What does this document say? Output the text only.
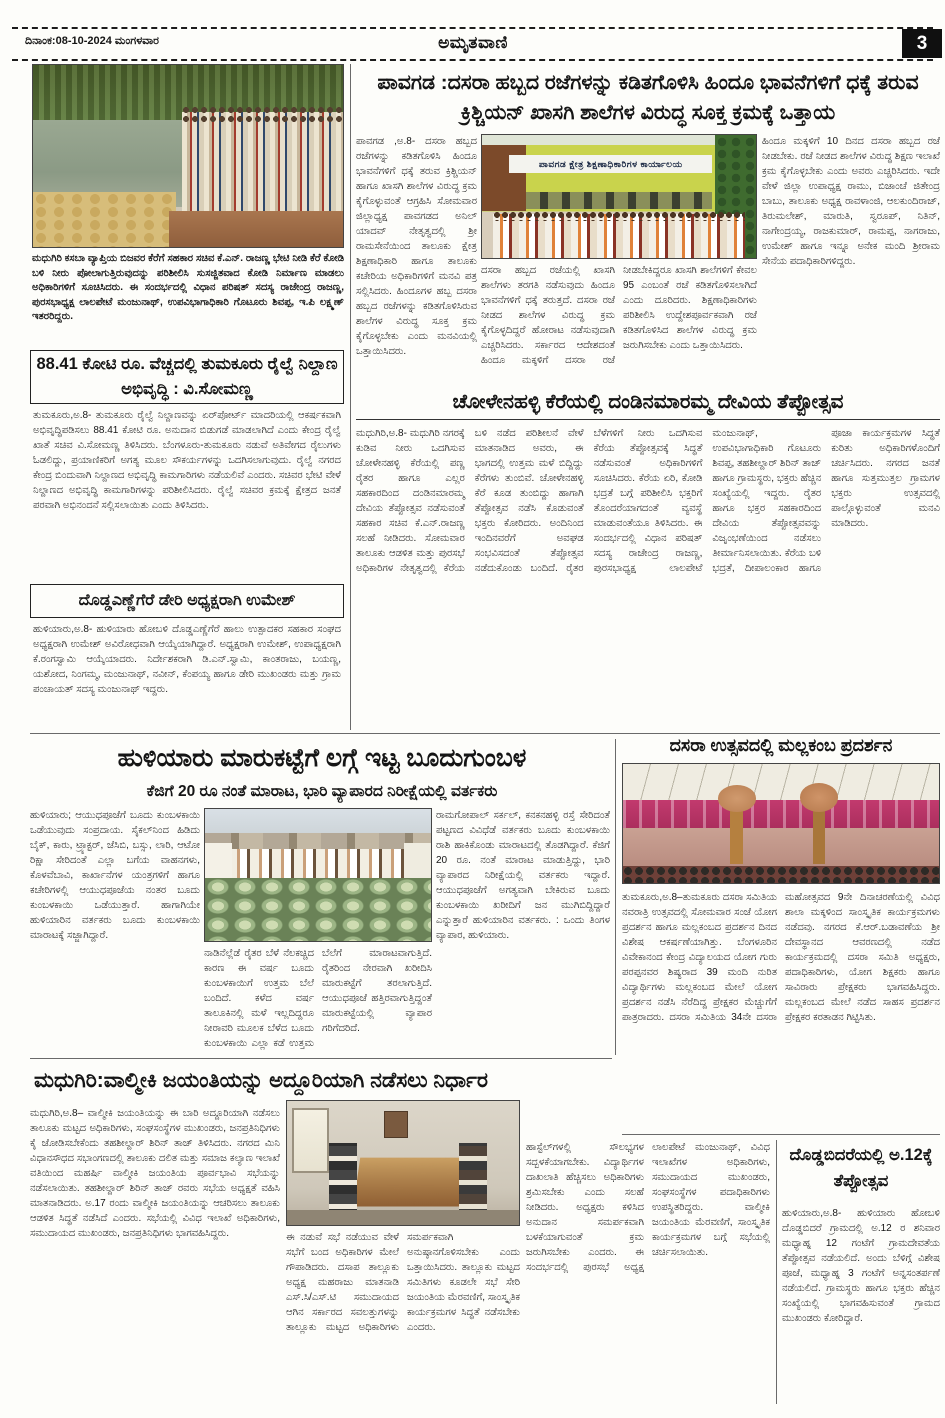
ದಿನಾಂಕ:08-10-2024 ಮಂಗಳವಾರ	ಅಮೃತವಾಣಿ	3
ಮಧುಗಿರಿ ಕಸಬಾ ವ್ಯಾಪ್ತಿಯ ಬಿಜವರ ಕೆರೆಗೆ ಸಹಕಾರ ಸಚಿವ ಕೆ.ಎನ್. ರಾಜಣ್ಣ ಭೇಟಿ ನೀಡಿ ಕೆರೆ ಕೋಡಿ ಬಳಿ ನೀರು ಪೋಲಾಗುತ್ತಿರುವುದನ್ನು ಪರಿಶೀಲಿಸಿ ಸುಸಜ್ಜಿತವಾದ ಕೋಡಿ ನಿರ್ಮಾಣ ಮಾಡಲು ಅಧಿಕಾರಿಗಳಿಗೆ ಸೂಚಿಸಿದರು. ಈ ಸಂದರ್ಭದಲ್ಲಿ ವಿಧಾನ ಪರಿಷತ್ ಸದಸ್ಯ ರಾಜೇಂದ್ರ ರಾಜಣ್ಣ, ಪುರಸಭಾಧ್ಯಕ್ಷ ಲಾಲಪೇಟೆ ಮಂಜುನಾಥ್, ಉಪವಿಭಾಗಾಧಿಕಾರಿ ಗೊಟೂರು ಶಿವಪ್ಪ, ಇ.ಪಿ ಲಕ್ಷ್ಮಣ್ ಇತರರಿದ್ದರು.
88.41 ಕೋಟಿ ರೂ. ವೆಚ್ಚದಲ್ಲಿ ತುಮಕೂರು ರೈಲ್ವೆ ನಿಲ್ದಾಣ ಅಭಿವೃದ್ಧಿ : ವಿ.ಸೋಮಣ್ಣ
ತುಮಕೂರು,ಅ.8- ತುಮಕೂರು ರೈಲ್ವೆ ನಿಲ್ದಾಣವನ್ನು ಏರ್‌ಪೋರ್ಟ್ ಮಾದರಿಯಲ್ಲಿ ಆಕರ್ಷಕವಾಗಿ ಅಭಿವೃದ್ಧಿಪಡಿಸಲು 88.41 ಕೋಟಿ ರೂ. ಅನುದಾನ ಬಿಡುಗಡೆ ಮಾಡಲಾಗಿದೆ ಎಂದು ಕೇಂದ್ರ ರೈಲ್ವೆ ಖಾತೆ ಸಚಿವ ವಿ.ಸೋಮಣ್ಣ ತಿಳಿಸಿದರು. ಬೆಂಗಳೂರು-ತುಮಕೂರು ನಡುವೆ ಅತಿವೇಗದ ರೈಲುಗಳು ಓಡಲಿದ್ದು, ಪ್ರಯಾಣಿಕರಿಗೆ ಅಗತ್ಯ ಮೂಲ ಸೌಕರ್ಯಗಳನ್ನು ಒದಗಿಸಲಾಗುವುದು. ರೈಲ್ವೆ ನಗರದ ಕೇಂದ್ರ ಬಿಂದುವಾಗಿ ನಿಲ್ದಾಣದ ಅಭಿವೃದ್ಧಿ ಕಾಮಗಾರಿಗಳು ನಡೆಯಲಿವೆ ಎಂದರು. ಸಚಿವರ ಭೇಟಿ ವೇಳೆ ನಿಲ್ದಾಣದ ಅಭಿವೃದ್ಧಿ ಕಾಮಗಾರಿಗಳನ್ನು ಪರಿಶೀಲಿಸಿದರು. ರೈಲ್ವೆ ಸಚಿವರ ಕ್ರಮಕ್ಕೆ ಕ್ಷೇತ್ರದ ಜನತೆ ಪರವಾಗಿ ಅಭಿನಂದನೆ ಸಲ್ಲಿಸಲಾಯಿತು ಎಂದು ತಿಳಿಸಿದರು.
ದೊಡ್ಡಎಣ್ಣೆಗೆರೆ ಡೇರಿ ಅಧ್ಯಕ್ಷರಾಗಿ ಉಮೇಶ್
ಹುಳಿಯಾರು,ಅ.8- ಹುಳಿಯಾರು ಹೋಬಳಿ ದೊಡ್ಡಎಣ್ಣೆಗೆರೆ ಹಾಲು ಉತ್ಪಾದಕರ ಸಹಕಾರ ಸಂಘದ ಅಧ್ಯಕ್ಷರಾಗಿ ಉಮೇಶ್ ಅವಿರೋಧವಾಗಿ ಆಯ್ಕೆಯಾಗಿದ್ದಾರೆ. ಅಧ್ಯಕ್ಷರಾಗಿ ಉಮೇಶ್, ಉಪಾಧ್ಯಕ್ಷರಾಗಿ ಕೆ.ರಂಗಸ್ವಾಮಿ ಆಯ್ಕೆಯಾದರು. ನಿರ್ದೇಶಕರಾಗಿ ಡಿ.ಎನ್.ಸ್ವಾಮಿ, ಕಾಂತರಾಜು, ಬಯಣ್ಣ, ಯಶೋದ, ನಿಂಗಮ್ಮ, ಮಂಜುನಾಥ್, ನವೀನ್, ಕೆಂಪಯ್ಯ ಹಾಗೂ ಡೇರಿ ಮುಖಂಡರು ಮತ್ತು ಗ್ರಾಮ ಪಂಚಾಯತ್ ಸದಸ್ಯ ಮಂಜುನಾಥ್ ಇದ್ದರು.
ಪಾವಗಡ :ದಸರಾ ಹಬ್ಬದ ರಜೆಗಳನ್ನು ಕಡಿತಗೊಳಿಸಿ ಹಿಂದೂ ಭಾವನೆಗಳಿಗೆ ಧಕ್ಕೆ ತರುವ ಕ್ರಿಶ್ಚಿಯನ್ ಖಾಸಗಿ ಶಾಲೆಗಳ ವಿರುದ್ಧ ಸೂಕ್ತ ಕ್ರಮಕ್ಕೆ ಒತ್ತಾಯ
ಪಾವಗಡ ,ಅ.8- ದಸರಾ ಹಬ್ಬದ ರಜೆಗಳನ್ನು ಕಡಿತಗೊಳಿಸಿ ಹಿಂದೂ ಭಾವನೆಗಳಿಗೆ ಧಕ್ಕೆ ತರುವ ಕ್ರಿಶ್ಚಿಯನ್ ಹಾಗೂ ಖಾಸಗಿ ಶಾಲೆಗಳ ವಿರುದ್ಧ ಕ್ರಮ ಕೈಗೊಳ್ಳುವಂತೆ ಆಗ್ರಹಿಸಿ ಸೋಮವಾರ ಜಿಲ್ಲಾಧ್ಯಕ್ಷ ಪಾವಗಡದ ಅನಿಲ್ ಯಾದವ್ ನೇತೃತ್ವದಲ್ಲಿ ಶ್ರೀ ರಾಮಸೇನೆಯಿಂದ ತಾಲೂಕು ಕ್ಷೇತ್ರ ಶಿಕ್ಷಣಾಧಿಕಾರಿ ಹಾಗೂ ತಾಲೂಕು ಕಚೇರಿಯ ಅಧಿಕಾರಿಗಳಿಗೆ ಮನವಿ ಪತ್ರ ಸಲ್ಲಿಸಿದರು. ಹಿಂದೂಗಳ ಹಬ್ಬ ದಸರಾ ಹಬ್ಬದ ರಜೆಗಳನ್ನು ಕಡಿತಗೊಳಿಸಿರುವ ಶಾಲೆಗಳ ವಿರುದ್ಧ ಸೂಕ್ತ ಕ್ರಮ ಕೈಗೊಳ್ಳಬೇಕು ಎಂದು ಮನವಿಯಲ್ಲಿ ಒತ್ತಾಯಿಸಿದರು.
ಪಾವಗಡ ಕ್ಷೇತ್ರ ಶಿಕ್ಷಣಾಧಿಕಾರಿಗಳ ಕಾರ್ಯಾಲಯ
ದಸರಾ ಹಬ್ಬದ ರಜೆಯಲ್ಲಿ ಖಾಸಗಿ ಶಾಲೆಗಳು ತರಗತಿ ನಡೆಸುವುದು ಹಿಂದೂ ಭಾವನೆಗಳಿಗೆ ಧಕ್ಕೆ ತರುತ್ತದೆ. ದಸರಾ ರಜೆ ನೀಡದ ಶಾಲೆಗಳ ವಿರುದ್ಧ ಕ್ರಮ ಕೈಗೊಳ್ಳದಿದ್ದರೆ ಹೋರಾಟ ನಡೆಸುವುದಾಗಿ ಎಚ್ಚರಿಸಿದರು. ಸರ್ಕಾರದ ಆದೇಶದಂತೆ ಹಿಂದೂ ಮಕ್ಕಳಿಗೆ ದಸರಾ ರಜೆ ನೀಡಬೇಕಿದ್ದರೂ ಖಾಸಗಿ ಶಾಲೆಗಳಿಗೆ ಕೇವಲ 95 ಎಂಬಂತೆ ರಜೆ ಕಡಿತಗೊಳಿಸಲಾಗಿದೆ ಎಂದು ದೂರಿದರು. ಶಿಕ್ಷಣಾಧಿಕಾರಿಗಳು ಪರಿಶೀಲಿಸಿ ಉದ್ದೇಶಪೂರ್ವಕವಾಗಿ ರಜೆ ಕಡಿತಗೊಳಿಸಿದ ಶಾಲೆಗಳ ವಿರುದ್ಧ ಕ್ರಮ ಜರುಗಿಸಬೇಕು ಎಂದು ಒತ್ತಾಯಿಸಿದರು.
ಹಿಂದೂ ಮಕ್ಕಳಿಗೆ 10 ದಿನದ ದಸರಾ ಹಬ್ಬದ ರಜೆ ನೀಡಬೇಕು. ರಜೆ ನೀಡದ ಶಾಲೆಗಳ ವಿರುದ್ಧ ಶಿಕ್ಷಣ ಇಲಾಖೆ ಕ್ರಮ ಕೈಗೊಳ್ಳಬೇಕು ಎಂದು ಅವರು ಎಚ್ಚರಿಸಿದರು. ಇದೇ ವೇಳೆ ಜಿಲ್ಲಾ ಉಪಾಧ್ಯಕ್ಷ ರಾಮು, ಬಿಜಾಂಚೆ ಜಿತೇಂದ್ರ ಬಾಬು, ತಾಲೂಕು ಅಧ್ಯಕ್ಷ ರಾವಳಾಂಜಿ, ಆಲಕುಂದಿರಾಜ್, ತಿರುಮಲೇಶ್, ಮಾರುತಿ, ಸ್ವರೂಪ್, ನಿತಿನ್, ನಾಗೇಂದ್ರಯ್ಯ, ರಾಜಕುಮಾರ್, ರಾಮಪ್ಪ, ನಾಗರಾಜು, ಉಮೇಶ್ ಹಾಗೂ ಇನ್ನೂ ಅನೇಕ ಮಂದಿ ಶ್ರೀರಾಮ ಸೇನೆಯ ಪದಾಧಿಕಾರಿಗಳಿದ್ದರು.
ಚೋಳೇನಹಳ್ಳಿ ಕೆರೆಯಲ್ಲಿ ದಂಡಿನಮಾರಮ್ಮ ದೇವಿಯ ತೆಪ್ಪೋತ್ಸವ
ಮಧುಗಿರಿ,ಅ.8- ಮಧುಗಿರಿ ನಗರಕ್ಕೆ ಕುಡಿವ ನೀರು ಒದಗಿಸುವ ಚೋಳೇನಹಳ್ಳಿ ಕೆರೆಯಲ್ಲಿ ಪಣ್ಣ ರೈತರ ಹಾಗೂ ಎಲ್ಲರ ಸಹಕಾರದಿಂದ ದಂಡಿನಮಾರಮ್ಮ ದೇವಿಯ ತೆಪ್ಪೋತ್ಸವ ನಡೆಸುವಂತೆ ಸಹಕಾರ ಸಚಿವ ಕೆ.ಎನ್.ರಾಜಣ್ಣ ಸಲಹೆ ನೀಡಿದರು. ಸೋಮವಾರ ತಾಲೂಕು ಆಡಳಿತ ಮತ್ತು ಪುರಸಭೆ ಅಧಿಕಾರಿಗಳ ನೇತೃತ್ವದಲ್ಲಿ ಕೆರೆಯ ಬಳಿ ನಡೆದ ಪರಿಶೀಲನೆ ವೇಳೆ ಮಾತನಾಡಿದ ಅವರು, ಈ ಭಾಗದಲ್ಲಿ ಉತ್ತಮ ಮಳೆ ಬಿದ್ದಿದ್ದು ಕೆರೆಗಳು ತುಂಬಿವೆ. ಚೋಳೇನಹಳ್ಳಿ ಕೆರೆ ಕೂಡ ತುಂಬಿದ್ದು ಹಾಗಾಗಿ ತೆಪ್ಪೋತ್ಸವ ನಡೆಸಿ ಕೊಡುವಂತೆ ಭಕ್ತರು ಕೋರಿದರು. ಅಂದಿನಿಂದ ಇಂದಿನವರೆಗೆ ಅವಘಡ ಸಂಭವಿಸದಂತೆ ತೆಪ್ಪೋತ್ಸವ ನಡೆದುಕೊಂಡು ಬಂದಿದೆ. ರೈತರ ಬೆಳೆಗಳಿಗೆ ನೀರು ಒದಗಿಸುವ ಕೆರೆಯ ತೆಪ್ಪೋತ್ಸವಕ್ಕೆ ಸಿದ್ಧತೆ ನಡೆಸುವಂತೆ ಅಧಿಕಾರಿಗಳಿಗೆ ಸೂಚಿಸಿದರು. ಕೆರೆಯ ಏರಿ, ಕೋಡಿ ಭದ್ರತೆ ಬಗ್ಗೆ ಪರಿಶೀಲಿಸಿ ಭಕ್ತರಿಗೆ ತೊಂದರೆಯಾಗದಂತೆ ವ್ಯವಸ್ಥೆ ಮಾಡುವಂತೆಯೂ ತಿಳಿಸಿದರು. ಈ ಸಂದರ್ಭದಲ್ಲಿ ವಿಧಾನ ಪರಿಷತ್ ಸದಸ್ಯ ರಾಜೇಂದ್ರ ರಾಜಣ್ಣ, ಪುರಸಭಾಧ್ಯಕ್ಷ ಲಾಲಪೇಟೆ ಮಂಜುನಾಥ್, ಉಪವಿಭಾಗಾಧಿಕಾರಿ ಗೊಟೂರು ಶಿವಪ್ಪ, ತಹಶೀಲ್ದಾರ್ ಶಿರಿನ್ ತಾಜ್ ಹಾಗೂ ಗ್ರಾಮಸ್ಥರು, ಭಕ್ತರು ಹೆಚ್ಚಿನ ಸಂಖ್ಯೆಯಲ್ಲಿ ಇದ್ದರು. ರೈತರ ಹಾಗೂ ಭಕ್ತರ ಸಹಕಾರದಿಂದ ದೇವಿಯ ತೆಪ್ಪೋತ್ಸವವನ್ನು ವಿಜೃಂಭಣೆಯಿಂದ ನಡೆಸಲು ತೀರ್ಮಾನಿಸಲಾಯಿತು. ಕೆರೆಯ ಬಳಿ ಭದ್ರತೆ, ದೀಪಾಲಂಕಾರ ಹಾಗೂ ಪೂಜಾ ಕಾರ್ಯಕ್ರಮಗಳ ಸಿದ್ಧತೆ ಕುರಿತು ಅಧಿಕಾರಿಗಳೊಂದಿಗೆ ಚರ್ಚಿಸಿದರು. ನಗರದ ಜನತೆ ಹಾಗೂ ಸುತ್ತಮುತ್ತಲ ಗ್ರಾಮಗಳ ಭಕ್ತರು ಉತ್ಸವದಲ್ಲಿ ಪಾಲ್ಗೊಳ್ಳುವಂತೆ ಮನವಿ ಮಾಡಿದರು.
ಹುಳಿಯಾರು ಮಾರುಕಟ್ಟೆಗೆ ಲಗ್ಗೆ ಇಟ್ಟ ಬೂದುಗುಂಬಳ
ಕೆಜಿಗೆ 20 ರೂ ನಂತೆ ಮಾರಾಟ, ಭಾರಿ ವ್ಯಾಪಾರದ ನಿರೀಕ್ಷೆಯಲ್ಲಿ ವರ್ತಕರು
ಹುಳಿಯಾರು; ಆಯುಧಪೂಜೆಗೆ ಬೂದು ಕುಂಬಳಕಾಯಿ ಒಡೆಯುವುದು ಸಂಪ್ರದಾಯ. ಸೈಕಲ್‌ನಿಂದ ಹಿಡಿದು ಬೈಕ್, ಕಾರು, ಟ್ರ್ಯಾಕ್ಟರ್, ಜೆಸಿಬಿ, ಬಸ್ಸು, ಲಾರಿ, ಆಟೋ ರಿಕ್ಷಾ ಸೇರಿದಂತೆ ಎಲ್ಲಾ ಬಗೆಯ ವಾಹನಗಳು, ಕೊಳವೆಬಾವಿ, ಕಾರ್ಖಾನೆಗಳ ಯಂತ್ರಗಳಿಗೆ ಹಾಗೂ ಕಚೇರಿಗಳಲ್ಲಿ ಆಯುಧಪೂಜೆಯ ನಂತರ ಬೂದು ಕುಂಬಳಕಾಯಿ ಒಡೆಯುತ್ತಾರೆ. ಹಾಗಾಗಿಯೇ ಹುಳಿಯಾರಿನ ವರ್ತಕರು ಬೂದು ಕುಂಬಳಕಾಯಿ ಮಾರಾಟಕ್ಕೆ ಸಜ್ಜಾಗಿದ್ದಾರೆ.
ನಾಡಿನೆಲ್ಲೆಡೆ ರೈತರ ಬೆಳೆ ನೆಲಕಚ್ಚಿದ ಕಾರಣ ಈ ವರ್ಷ ಬೂದು ಕುಂಬಳಕಾಯಿಗೆ ಉತ್ತಮ ಬೆಲೆ ಬಂದಿದೆ. ಕಳೆದ ವರ್ಷ ತಾಲೂಕಿನಲ್ಲಿ ಮಳೆ ಇಲ್ಲದಿದ್ದರೂ ನೀರಾವರಿ ಮೂಲಕ ಬೆಳೆದ ಬೂದು ಕುಂಬಳಕಾಯಿ ಎಲ್ಲಾ ಕಡೆ ಉತ್ತಮ ಬೆಲೆಗೆ ಮಾರಾಟವಾಗುತ್ತಿದೆ. ರೈತರಿಂದ ನೇರವಾಗಿ ಖರೀದಿಸಿ ಮಾರುಕಟ್ಟೆಗೆ ತರಲಾಗುತ್ತಿದೆ. ಆಯುಧಪೂಜೆ ಹತ್ತಿರವಾಗುತ್ತಿದ್ದಂತೆ ಮಾರುಕಟ್ಟೆಯಲ್ಲಿ ವ್ಯಾಪಾರ ಗರಿಗೆದರಿದೆ.
ರಾಮಗೋಪಾಲ್ ಸರ್ಕಲ್, ಕನಕನಹಳ್ಳಿ ರಸ್ತೆ ಸೇರಿದಂತೆ ಪಟ್ಟಣದ ವಿವಿಧೆಡೆ ವರ್ತಕರು ಬೂದು ಕುಂಬಳಕಾಯಿ ರಾಶಿ ಹಾಕಿಕೊಂಡು ಮಾರಾಟದಲ್ಲಿ ತೊಡಗಿದ್ದಾರೆ. ಕೆಜಿಗೆ 20 ರೂ. ನಂತೆ ಮಾರಾಟ ಮಾಡುತ್ತಿದ್ದು, ಭಾರಿ ವ್ಯಾಪಾರದ ನಿರೀಕ್ಷೆಯಲ್ಲಿ ವರ್ತಕರು ಇದ್ದಾರೆ. ಆಯುಧಪೂಜೆಗೆ ಅಗತ್ಯವಾಗಿ ಬೇಕಿರುವ ಬೂದು ಕುಂಬಳಕಾಯಿ ಖರೀದಿಗೆ ಜನ ಮುಗಿಬಿದ್ದಿದ್ದಾರೆ ಎನ್ನುತ್ತಾರೆ ಹುಳಿಯಾರಿನ ವರ್ತಕರು. : ಒಂದು ತಿಂಗಳ ವ್ಯಾಪಾರ, ಹುಳಿಯಾರು.
ದಸರಾ ಉತ್ಸವದಲ್ಲಿ ಮಲ್ಲಕಂಬ ಪ್ರದರ್ಶನ
ತುಮಕೂರು,ಅ.8–ತುಮಕೂರು ದಸರಾ ಸಮಿತಿಯ ನವರಾತ್ರಿ ಉತ್ಸವದಲ್ಲಿ ಸೋಮವಾರ ಸಂಜೆ ಯೋಗ ಪ್ರದರ್ಶನ ಹಾಗೂ ಮಲ್ಲಕಂಬದ ಪ್ರದರ್ಶನ ದಿನದ ವಿಶೇಷ ಆಕರ್ಷಣೆಯಾಗಿತ್ತು. ಬೆಂಗಳೂರಿನ ವಿವೇಕಾನಂದ ಕೇಂದ್ರ ವಿದ್ಯಾಲಯದ ಯೋಗ ಗುರು ಪರಪ್ಪನವರ ಶಿಷ್ಯರಾದ 39 ಮಂದಿ ನುರಿತ ವಿದ್ಯಾರ್ಥಿಗಳು ಮಲ್ಲಕಂಬದ ಮೇಲೆ ಯೋಗ ಪ್ರದರ್ಶನ ನಡೆಸಿ ನೆರೆದಿದ್ದ ಪ್ರೇಕ್ಷಕರ ಮೆಚ್ಚುಗೆಗೆ ಪಾತ್ರರಾದರು. ದಸರಾ ಸಮಿತಿಯ 34ನೇ ದಸರಾ ಮಹೋತ್ಸವದ 9ನೇ ದಿನಾಚರಣೆಯಲ್ಲಿ ವಿವಿಧ ಶಾಲಾ ಮಕ್ಕಳಿಂದ ಸಾಂಸ್ಕೃತಿಕ ಕಾರ್ಯಕ್ರಮಗಳು ನಡೆದವು. ನಗರದ ಕೆ.ಆರ್.ಬಡಾವಣೆಯ ಶ್ರೀ ದೇವಸ್ಥಾನದ ಆವರಣದಲ್ಲಿ ನಡೆದ ಕಾರ್ಯಕ್ರಮದಲ್ಲಿ ದಸರಾ ಸಮಿತಿ ಅಧ್ಯಕ್ಷರು, ಪದಾಧಿಕಾರಿಗಳು, ಯೋಗ ಶಿಕ್ಷಕರು ಹಾಗೂ ಸಾವಿರಾರು ಪ್ರೇಕ್ಷಕರು ಭಾಗವಹಿಸಿದ್ದರು. ಮಲ್ಲಕಂಬದ ಮೇಲೆ ನಡೆದ ಸಾಹಸ ಪ್ರದರ್ಶನ ಪ್ರೇಕ್ಷಕರ ಕರತಾಡನ ಗಿಟ್ಟಿಸಿತು.
ಮಧುಗಿರಿ:ವಾಲ್ಮೀಕಿ ಜಯಂತಿಯನ್ನು ಅದ್ದೂರಿಯಾಗಿ ನಡೆಸಲು ನಿರ್ಧಾರ
ಮಧುಗಿರಿ,ಅ.8– ವಾಲ್ಮೀಕಿ ಜಯಂತಿಯನ್ನು ಈ ಬಾರಿ ಅದ್ದೂರಿಯಾಗಿ ನಡೆಸಲು ತಾಲೂಕು ಮಟ್ಟದ ಅಧಿಕಾರಿಗಳು, ಸಂಘಸಂಸ್ಥೆಗಳ ಮುಖಂಡರು, ಜನಪ್ರತಿನಿಧಿಗಳು ಕೈ ಜೋಡಿಸಬೇಕೆಂದು ತಹಶೀಲ್ದಾರ್ ಶಿರಿನ್ ತಾಜ್ ತಿಳಿಸಿದರು. ನಗರದ ಮಿನಿ ವಿಧಾನಸೌಧದ ಸಭಾಂಗಣದಲ್ಲಿ ತಾಲೂಕು ದಲಿತ ಮತ್ತು ಸಮಾಜ ಕಲ್ಯಾಣ ಇಲಾಖೆ ವತಿಯಿಂದ ಮಹರ್ಷಿ ವಾಲ್ಮೀಕಿ ಜಯಂತಿಯ ಪೂರ್ವಭಾವಿ ಸಭೆಯನ್ನು ನಡೆಸಲಾಯಿತು. ತಹಶೀಲ್ದಾರ್ ಶಿರಿನ್ ತಾಜ್ ರವರು ಸಭೆಯ ಅಧ್ಯಕ್ಷತೆ ವಹಿಸಿ ಮಾತನಾಡಿದರು. ಅ.17 ರಂದು ವಾಲ್ಮೀಕಿ ಜಯಂತಿಯನ್ನು ಆಚರಿಸಲು ತಾಲೂಕು ಆಡಳಿತ ಸಿದ್ಧತೆ ನಡೆಸಿದೆ ಎಂದರು. ಸಭೆಯಲ್ಲಿ ವಿವಿಧ ಇಲಾಖೆ ಅಧಿಕಾರಿಗಳು, ಸಮುದಾಯದ ಮುಖಂಡರು, ಜನಪ್ರತಿನಿಧಿಗಳು ಭಾಗವಹಿಸಿದ್ದರು.	ಈ ನಡುವೆ ಸಭೆ ನಡೆಯುವ ವೇಳೆ ಸಭೆಗೆ ಬಂದ ಅಧಿಕಾರಿಗಳ ಮೇಲೆ ಗೌಪಾಡಿದರು. ದಸಾಪ ತಾಲ್ಲೂಕು ಅಧ್ಯಕ್ಷ ಮಹರಾಜು ಮಾತನಾಡಿ ಎಸ್.ಸಿ/ಎಸ್.ಟಿ ಸಮುದಾಯದ ಆಗಿನ ಸರ್ಕಾರದ ಸವಲತ್ತುಗಳನ್ನು ತಾಲ್ಲೂಕು ಮಟ್ಟದ ಅಧಿಕಾರಿಗಳು ಸಮರ್ಪಕವಾಗಿ ಅನುಷ್ಠಾನಗೊಳಿಸಬೇಕು ಎಂದು ಒತ್ತಾಯಿಸಿದರು. ತಾಲ್ಲೂಕು ಮಟ್ಟದ ಸಮಿತಿಗಳು ಕೂಡಲೇ ಸಭೆ ಸೇರಿ ಜಯಂತಿಯ ಮೆರವಣಿಗೆ, ಸಾಂಸ್ಕೃತಿಕ ಕಾರ್ಯಕ್ರಮಗಳ ಸಿದ್ಧತೆ ನಡೆಸಬೇಕು ಎಂದರು.
ಹಾಸ್ಟೆಲ್‌ಗಳಲ್ಲಿ ಸೌಲಭ್ಯಗಳ ಸದ್ಬಳಕೆಯಾಗಬೇಕು. ವಿದ್ಯಾರ್ಥಿಗಳ ದಾಖಲಾತಿ ಹೆಚ್ಚಿಸಲು ಅಧಿಕಾರಿಗಳು ಶ್ರಮಿಸಬೇಕು ಎಂದು ಸಲಹೆ ನೀಡಿದರು. ಅಧ್ಯಕ್ಷರು ಕಳಿಸಿದ ಅನುದಾನ ಸಮರ್ಪಕವಾಗಿ ಬಳಕೆಯಾಗುವಂತೆ ಕ್ರಮ ಜರುಗಿಸಬೇಕು ಎಂದರು. ಈ ಸಂದರ್ಭದಲ್ಲಿ ಪುರಸಭೆ ಅಧ್ಯಕ್ಷ ಲಾಲಪೇಟೆ ಮಂಜುನಾಥ್, ವಿವಿಧ ಇಲಾಖೆಗಳ ಅಧಿಕಾರಿಗಳು, ಸಮುದಾಯದ ಮುಖಂಡರು, ಸಂಘಸಂಸ್ಥೆಗಳ ಪದಾಧಿಕಾರಿಗಳು ಉಪಸ್ಥಿತರಿದ್ದರು. ವಾಲ್ಮೀಕಿ ಜಯಂತಿಯ ಮೆರವಣಿಗೆ, ಸಾಂಸ್ಕೃತಿಕ ಕಾರ್ಯಕ್ರಮಗಳ ಬಗ್ಗೆ ಸಭೆಯಲ್ಲಿ ಚರ್ಚಿಸಲಾಯಿತು.
ದೊಡ್ಡಬಿದರೆಯಲ್ಲಿ ಅ.12ಕ್ಕೆ ತೆಪ್ಪೋತ್ಸವ
ಹುಳಿಯಾರು,ಅ.8- ಹುಳಿಯಾರು ಹೋಬಳಿ ದೊಡ್ಡಬಿದರೆ ಗ್ರಾಮದಲ್ಲಿ ಅ.12 ರ ಶನಿವಾರ ಮಧ್ಯಾಹ್ನ 12 ಗಂಟೆಗೆ ಗ್ರಾಮದೇವತೆಯ ತೆಪ್ಪೋತ್ಸವ ನಡೆಯಲಿದೆ. ಅಂದು ಬೆಳಿಗ್ಗೆ ವಿಶೇಷ ಪೂಜೆ, ಮಧ್ಯಾಹ್ನ 3 ಗಂಟೆಗೆ ಅನ್ನಸಂತರ್ಪಣೆ ನಡೆಯಲಿದೆ. ಗ್ರಾಮಸ್ಥರು ಹಾಗೂ ಭಕ್ತರು ಹೆಚ್ಚಿನ ಸಂಖ್ಯೆಯಲ್ಲಿ ಭಾಗವಹಿಸುವಂತೆ ಗ್ರಾಮದ ಮುಖಂಡರು ಕೋರಿದ್ದಾರೆ.
